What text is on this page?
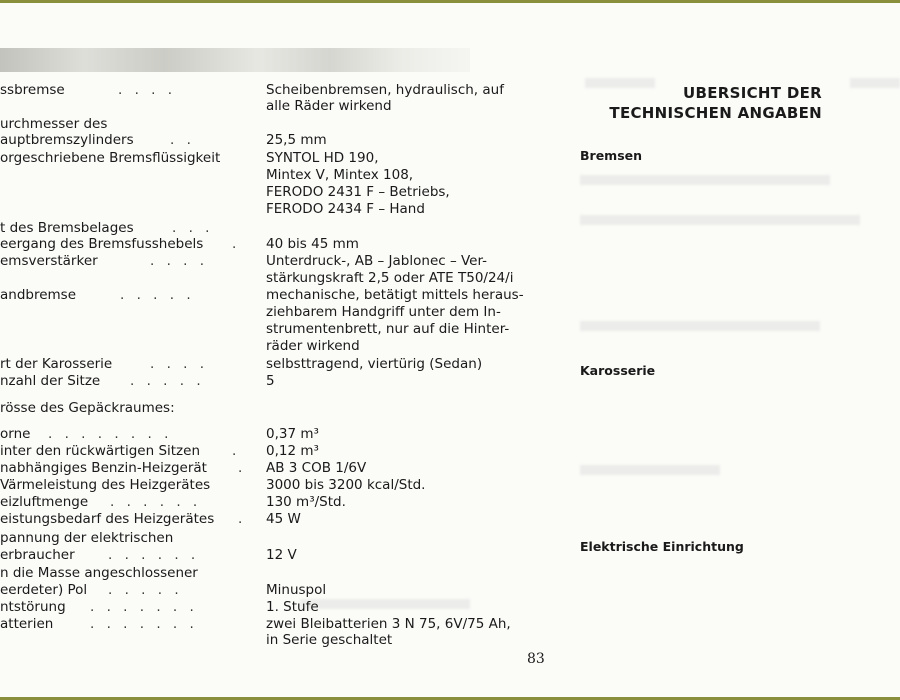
ssbremse	. . . .	Scheibenbremsen, hydraulisch, auf
alle Räder wirkend
urchmesser des
auptbremszylinders	. .	25,5 mm
orgeschriebene Bremsflüssigkeit	SYNTOL HD 190,
Mintex V, Mintex 108,
FERODO 2431 F – Betriebs,
FERODO 2434 F – Hand
t des Bremsbelages	. . .
eergang des Bremsfusshebels . 40 bis 45 mm
emsverstärker	. . . .	Unterdruck-, AB – Jablonec – Ver-
stärkungskraft 2,5 oder ATE T50/24/i
andbremse	. . . . .	mechanische, betätigt mittels heraus-
ziehbarem Handgriff unter dem In-
strumentenbrett, nur auf die Hinter-
räder wirkend
rt der Karosserie	. . . .	selbsttragend, viertürig (Sedan)
nzahl der Sitze . . . . .	5
rösse des Gepäckraumes:
orne . . . . . . . .	0,37 m³
inter den rückwärtigen Sitzen . 0,12 m³
nabhängiges Benzin-Heizgerät . AB 3 COB 1/6V
Värmeleistung des Heizgerätes	3000 bis 3200 kcal/Std.
eizluftmenge . . . . . .	130 m³/Std.
eistungsbedarf des Heizgerätes . 45 W
pannung der elektrischen
erbraucher . . . . . .	12 V
n die Masse angeschlossener
eerdeter) Pol . . . . .	Minuspol
ntstörung . . . . . . .	1. Stufe
atterien	. . . . . . .	zwei Bleibatterien 3 N 75, 6V/75 Ah,
in Serie geschaltet
UBERSICHT DER
TECHNISCHEN ANGABEN
Bremsen
Karosserie
Elektrische Einrichtung
83
